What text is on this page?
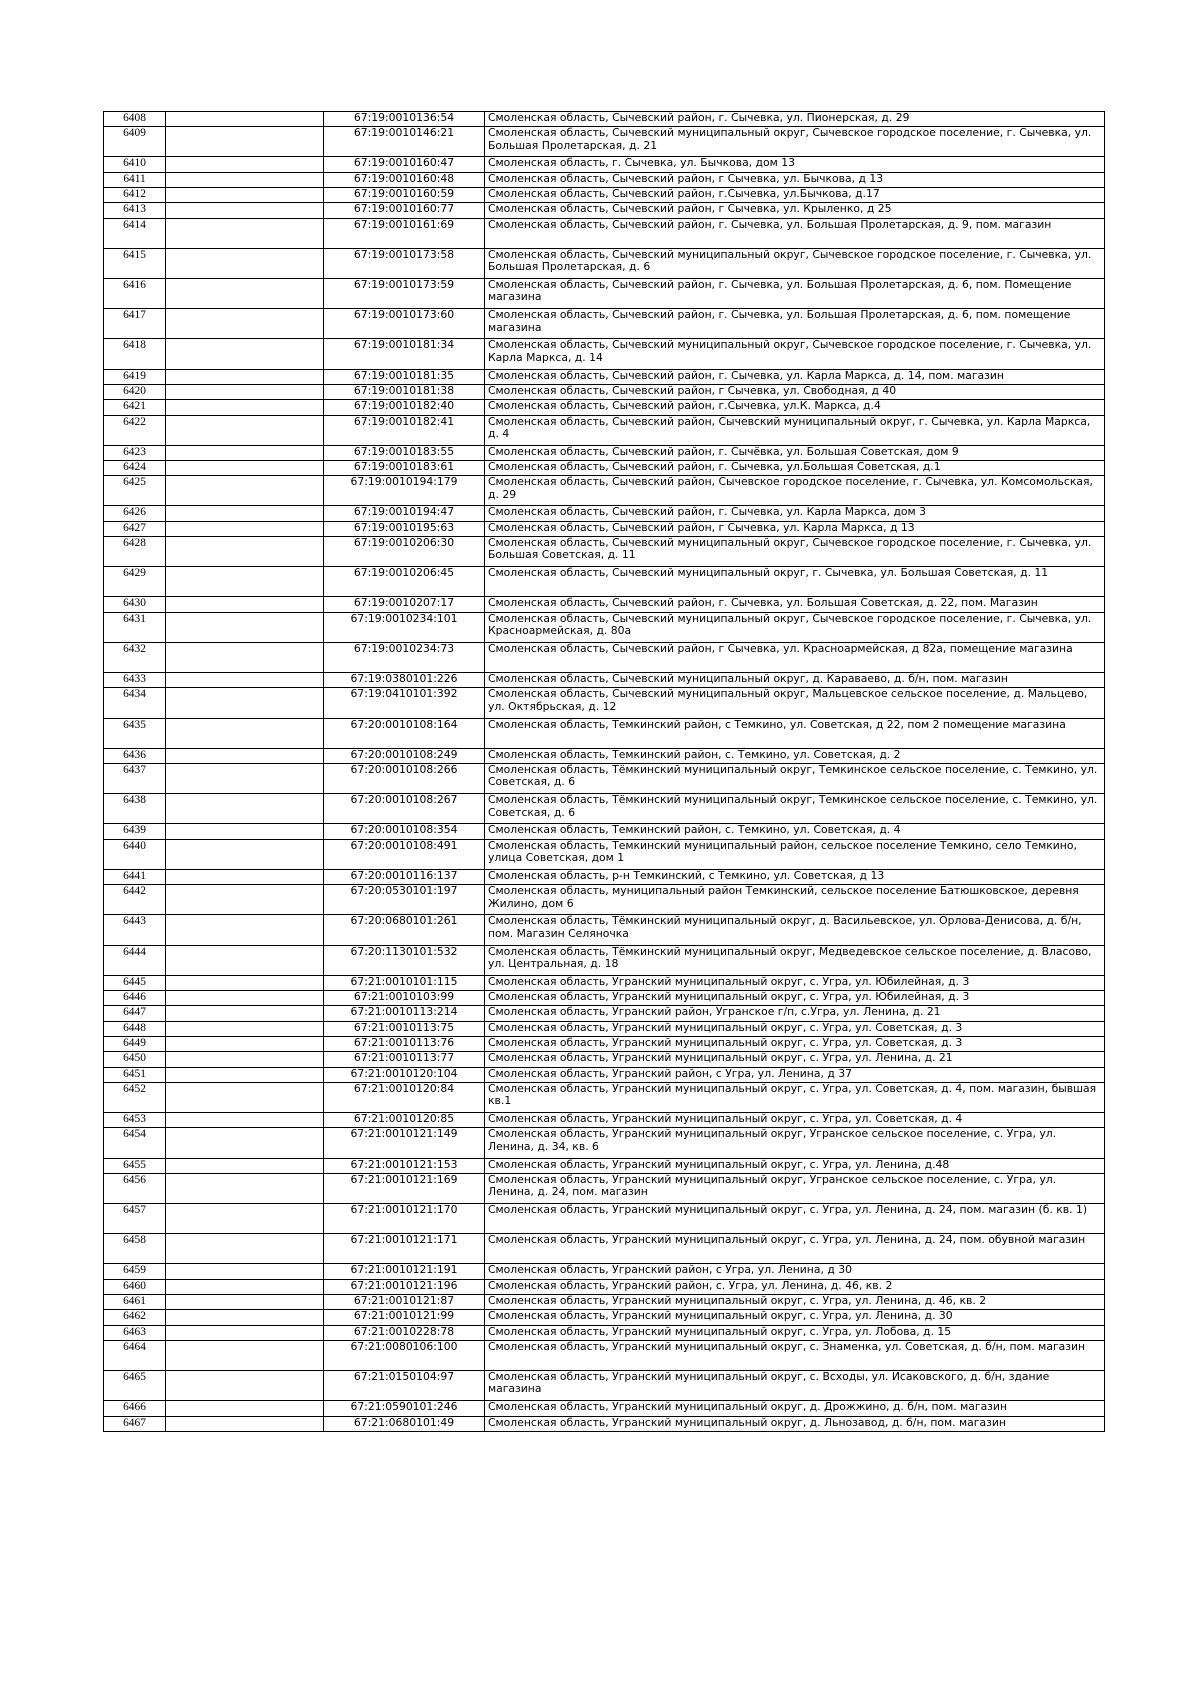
6408		67:19:0010136:54	Смоленская область, Сычевский район, г. Сычевка, ул. Пионерская, д. 29
6409		67:19:0010146:21	Смоленская область, Сычевский муниципальный округ, Сычевское городское поселение, г. Сычевка, ул. Большая Пролетарская, д. 21
6410		67:19:0010160:47	Смоленская область, г. Сычевка, ул. Бычкова, дом 13
6411		67:19:0010160:48	Смоленская область, Сычевский район, г Сычевка, ул. Бычкова, д 13
6412		67:19:0010160:59	Смоленская область, Сычевский район, г.Сычевка, ул.Бычкова, д.17
6413		67:19:0010160:77	Смоленская область, Сычевский район, г Сычевка, ул. Крыленко, д 25
6414		67:19:0010161:69	Смоленская область, Сычевский район, г. Сычевка, ул. Большая Пролетарская, д. 9, пом. магазин
6415		67:19:0010173:58	Смоленская область, Сычевский муниципальный округ, Сычевское городское поселение, г. Сычевка, ул. Большая Пролетарская, д. 6
6416		67:19:0010173:59	Смоленская область, Сычевский район, г. Сычевка, ул. Большая Пролетарская, д. 6, пом. Помещение магазина
6417		67:19:0010173:60	Смоленская область, Сычевский район, г. Сычевка, ул. Большая Пролетарская, д. 6, пом. помещение магазина
6418		67:19:0010181:34	Смоленская область, Сычевский муниципальный округ, Сычевское городское поселение, г. Сычевка, ул. Карла Маркса, д. 14
6419		67:19:0010181:35	Смоленская область, Сычевский район, г. Сычевка, ул. Карла Маркса, д. 14, пом. магазин
6420		67:19:0010181:38	Смоленская область, Сычевский район, г Сычевка, ул. Свободная, д 40
6421		67:19:0010182:40	Смоленская область, Сычевский район, г.Сычевка, ул.К. Маркса, д.4
6422		67:19:0010182:41	Смоленская область, Сычевский район, Сычевский муниципальный округ, г. Сычевка, ул. Карла Маркса, д. 4
6423		67:19:0010183:55	Смоленская область, Сычевский район, г. Сычёвка, ул. Большая Советская, дом 9
6424		67:19:0010183:61	Смоленская область, Сычевский район, г. Сычевка, ул.Большая Советская, д.1
6425		67:19:0010194:179	Смоленская область, Сычевский район, Сычевское городское поселение, г. Сычевка, ул. Комсомольская, д. 29
6426		67:19:0010194:47	Смоленская область, Сычевский район, г. Сычевка, ул. Карла Маркса, дом 3
6427		67:19:0010195:63	Смоленская область, Сычевский район, г Сычевка, ул. Карла Маркса, д 13
6428		67:19:0010206:30	Смоленская область, Сычевский муниципальный округ, Сычевское городское поселение, г. Сычевка, ул. Большая Советская, д. 11
6429		67:19:0010206:45	Смоленская область, Сычевский муниципальный округ, г. Сычевка, ул. Большая Советская, д. 11
6430		67:19:0010207:17	Смоленская область, Сычевский район, г. Сычевка, ул. Большая Советская, д. 22, пом. Магазин
6431		67:19:0010234:101	Смоленская область, Сычевский муниципальный округ, Сычевское городское поселение, г. Сычевка, ул. Красноармейская, д. 80а
6432		67:19:0010234:73	Смоленская область, Сычевский район, г Сычевка, ул. Красноармейская, д 82а, помещение магазина
6433		67:19:0380101:226	Смоленская область, Сычевский муниципальный округ, д. Караваево, д. б/н, пом. магазин
6434		67:19:0410101:392	Смоленская область, Сычевский муниципальный округ, Мальцевское сельское поселение, д. Мальцево, ул. Октябрьская, д. 12
6435		67:20:0010108:164	Смоленская область, Темкинский район, с Темкино, ул. Советская, д 22, пом 2 помещение магазина
6436		67:20:0010108:249	Смоленская область, Темкинский район, с. Темкино, ул. Советская, д. 2
6437		67:20:0010108:266	Смоленская область, Тёмкинский муниципальный округ, Темкинское сельское поселение, с. Темкино, ул. Советская, д. 6
6438		67:20:0010108:267	Смоленская область, Тёмкинский муниципальный округ, Темкинское сельское поселение, с. Темкино, ул. Советская, д. 6
6439		67:20:0010108:354	Смоленская область, Темкинский район, с. Темкино, ул. Советская, д. 4
6440		67:20:0010108:491	Смоленская область, Темкинский муниципальный район, сельское поселение Темкино, село Темкино, улица Советская, дом 1
6441		67:20:0010116:137	Смоленская область, р-н Темкинский, с Темкино, ул. Советская, д 13
6442		67:20:0530101:197	Смоленская область, муниципальный район Темкинский, сельское поселение Батюшковское, деревня Жилино, дом 6
6443		67:20:0680101:261	Смоленская область, Тёмкинский муниципальный округ, д. Васильевское, ул. Орлова-Денисова, д. б/н, пом. Магазин Селяночка
6444		67:20:1130101:532	Смоленская область, Тёмкинский муниципальный округ, Медведевское сельское поселение, д. Власово, ул. Центральная, д. 18
6445		67:21:0010101:115	Смоленская область, Угранский муниципальный округ, с. Угра, ул. Юбилейная, д. 3
6446		67:21:0010103:99	Смоленская область, Угранский муниципальный округ, с. Угра, ул. Юбилейная, д. 3
6447		67:21:0010113:214	Смоленская область, Угранский район, Угранское г/п, с.Угра, ул. Ленина, д. 21
6448		67:21:0010113:75	Смоленская область, Угранский муниципальный округ, с. Угра, ул. Советская, д. 3
6449		67:21:0010113:76	Смоленская область, Угранский муниципальный округ, с. Угра, ул. Советская, д. 3
6450		67:21:0010113:77	Смоленская область, Угранский муниципальный округ, с. Угра, ул. Ленина, д. 21
6451		67:21:0010120:104	Смоленская область, Угранский район, с Угра, ул. Ленина, д 37
6452		67:21:0010120:84	Смоленская область, Угранский муниципальный округ, с. Угра, ул. Советская, д. 4, пом. магазин, бывшая кв.1
6453		67:21:0010120:85	Смоленская область, Угранский муниципальный округ, с. Угра, ул. Советская, д. 4
6454		67:21:0010121:149	Смоленская область, Угранский муниципальный округ, Угранское сельское поселение, с. Угра, ул. Ленина, д. 34, кв. 6
6455		67:21:0010121:153	Смоленская область, Угранский муниципальный округ, с. Угра, ул. Ленина, д.48
6456		67:21:0010121:169	Смоленская область, Угранский муниципальный округ, Угранское сельское поселение, с. Угра, ул. Ленина, д. 24, пом. магазин
6457		67:21:0010121:170	Смоленская область, Угранский муниципальный округ, с. Угра, ул. Ленина, д. 24, пом. магазин (б. кв. 1)
6458		67:21:0010121:171	Смоленская область, Угранский муниципальный округ, с. Угра, ул. Ленина, д. 24, пом. обувной магазин
6459		67:21:0010121:191	Смоленская область, Угранский район, с Угра, ул. Ленина, д 30
6460		67:21:0010121:196	Смоленская область, Угранский район, с. Угра, ул. Ленина, д. 46, кв. 2
6461		67:21:0010121:87	Смоленская область, Угранский муниципальный округ, с. Угра, ул. Ленина, д. 46, кв. 2
6462		67:21:0010121:99	Смоленская область, Угранский муниципальный округ, с. Угра, ул. Ленина, д. 30
6463		67:21:0010228:78	Смоленская область, Угранский муниципальный округ, с. Угра, ул. Лобова, д. 15
6464		67:21:0080106:100	Смоленская область, Угранский муниципальный округ, с. Знаменка, ул. Советская, д. б/н, пом. магазин
6465		67:21:0150104:97	Смоленская область, Угранский муниципальный округ, с. Всходы, ул. Исаковского, д. б/н, здание магазина
6466		67:21:0590101:246	Смоленская область, Угранский муниципальный округ, д. Дрожжино, д. б/н, пом. магазин
6467		67:21:0680101:49	Смоленская область, Угранский муниципальный округ, д. Льнозавод, д. б/н, пом. магазин
